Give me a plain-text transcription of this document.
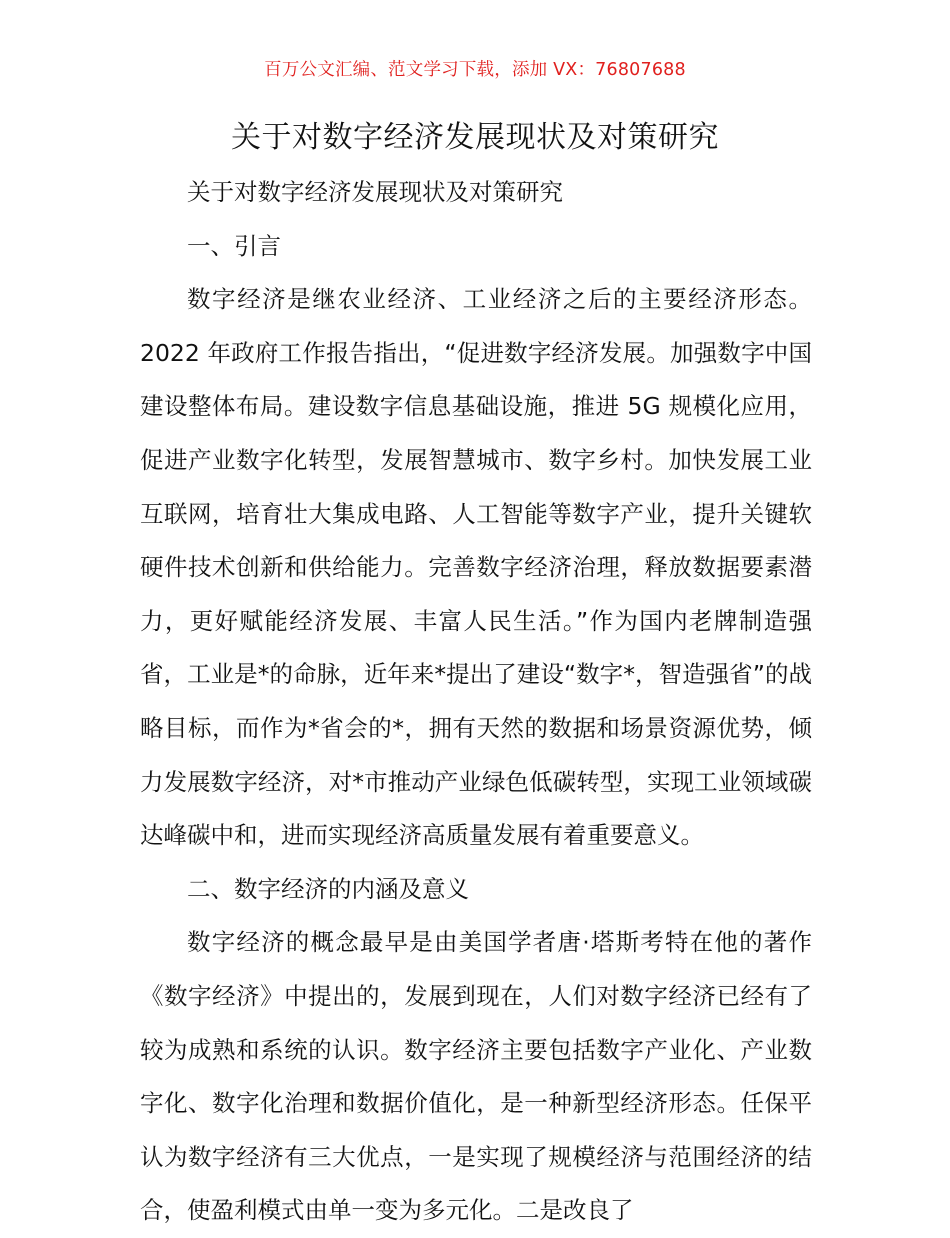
百万公文汇编、范文学习下载，添加 VX：76807688
关于对数字经济发展现状及对策研究

关于对数字经济发展现状及对策研究

一、引言

数字经济是继农业经济、工业经济之后的主要经济形态。2022 年政府工作报告指出，“促进数字经济发展。加强数字中国建设整体布局。建设数字信息基础设施，推进 5G 规模化应用，促进产业数字化转型，发展智慧城市、数字乡村。加快发展工业互联网，培育壮大集成电路、人工智能等数字产业，提升关键软硬件技术创新和供给能力。完善数字经济治理，释放数据要素潜力，更好赋能经济发展、丰富人民生活。”作为国内老牌制造强省，工业是*的命脉，近年来*提出了建设“数字*，智造强省”的战略目标，而作为*省会的*，拥有天然的数据和场景资源优势，倾力发展数字经济，对*市推动产业绿色低碳转型，实现工业领域碳达峰碳中和，进而实现经济高质量发展有着重要意义。

二、数字经济的内涵及意义

数字经济的概念最早是由美国学者唐·塔斯考特在他的著作《数字经济》中提出的，发展到现在，人们对数字经济已经有了较为成熟和系统的认识。数字经济主要包括数字产业化、产业数字化、数字化治理和数据价值化，是一种新型经济形态。任保平认为数字经济有三大优点，一是实现了规模经济与范围经济的结合，使盈利模式由单一变为多元化。二是改良了
